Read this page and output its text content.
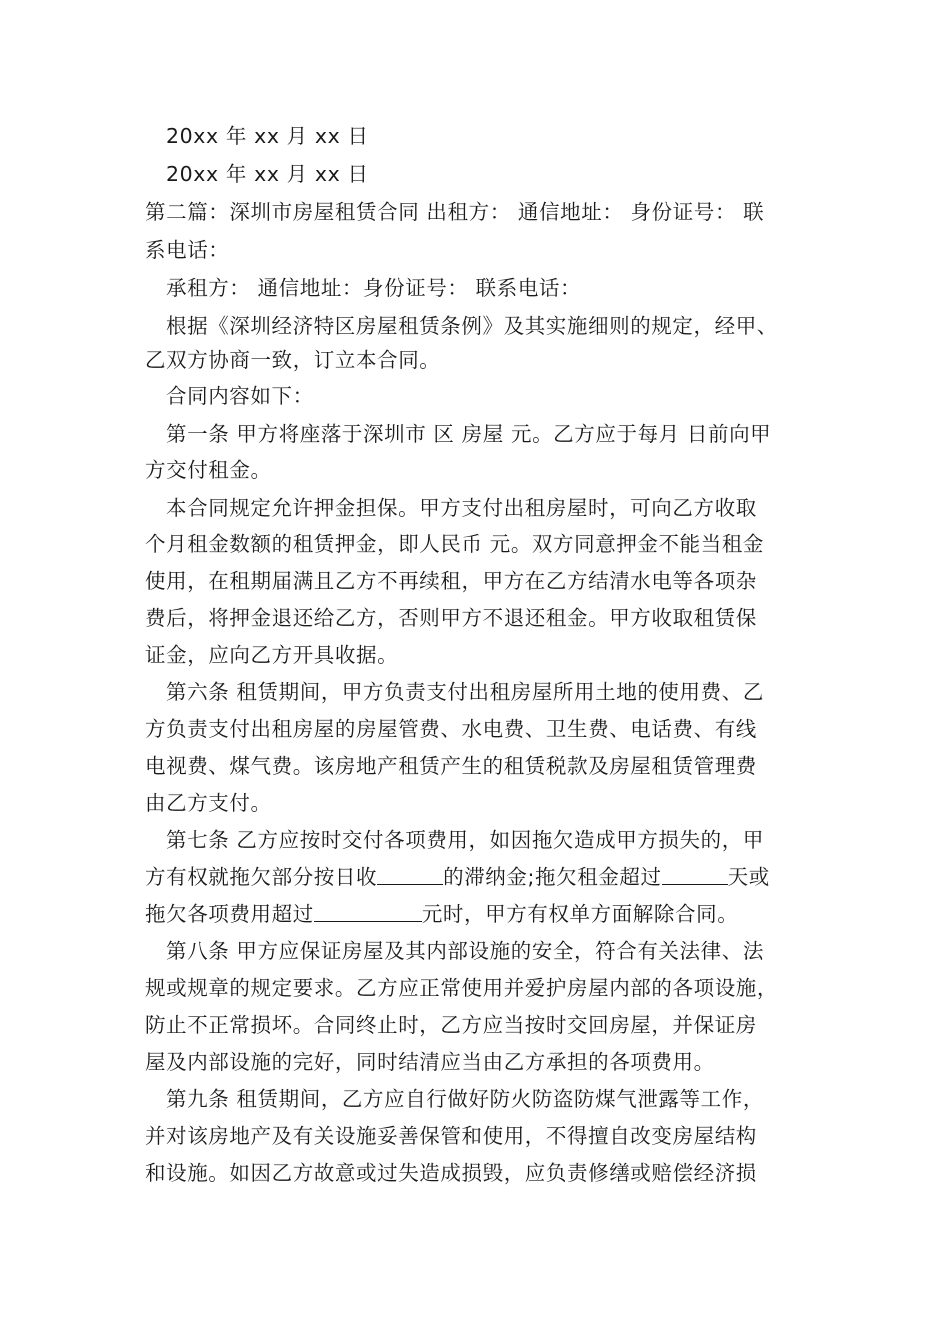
20xx 年 xx 月 xx 日
20xx 年 xx 月 xx 日
第二篇：深圳市房屋租赁合同 出租方： 通信地址： 身份证号： 联
系电话：
承租方： 通信地址：身份证号： 联系电话：
根据《深圳经济特区房屋租赁条例》及其实施细则的规定，经甲、
乙双方协商一致，订立本合同。
合同内容如下：
第一条 甲方将座落于深圳市 区 房屋 元。乙方应于每月 日前向甲
方交付租金。
本合同规定允许押金担保。甲方支付出租房屋时，可向乙方收取
个月租金数额的租赁押金，即人民币 元。双方同意押金不能当租金
使用，在租期届满且乙方不再续租，甲方在乙方结清水电等各项杂
费后，将押金退还给乙方，否则甲方不退还租金。甲方收取租赁保
证金，应向乙方开具收据。
第六条 租赁期间，甲方负责支付出租房屋所用土地的使用费、乙
方负责支付出租房屋的房屋管费、水电费、卫生费、电话费、有线
电视费、煤气费。该房地产租赁产生的租赁税款及房屋租赁管理费
由乙方支付。
第七条 乙方应按时交付各项费用，如因拖欠造成甲方损失的，甲
方有权就拖欠部分按日收	的滞纳金;拖欠租金超过	天或
拖欠各项费用超过	元时，甲方有权单方面解除合同。
第八条 甲方应保证房屋及其内部设施的安全，符合有关法律、法
规或规章的规定要求。乙方应正常使用并爱护房屋内部的各项设施，
防止不正常损坏。合同终止时，乙方应当按时交回房屋，并保证房
屋及内部设施的完好，同时结清应当由乙方承担的各项费用。
第九条 租赁期间，乙方应自行做好防火防盗防煤气泄露等工作，
并对该房地产及有关设施妥善保管和使用，不得擅自改变房屋结构
和设施。如因乙方故意或过失造成损毁，应负责修缮或赔偿经济损
